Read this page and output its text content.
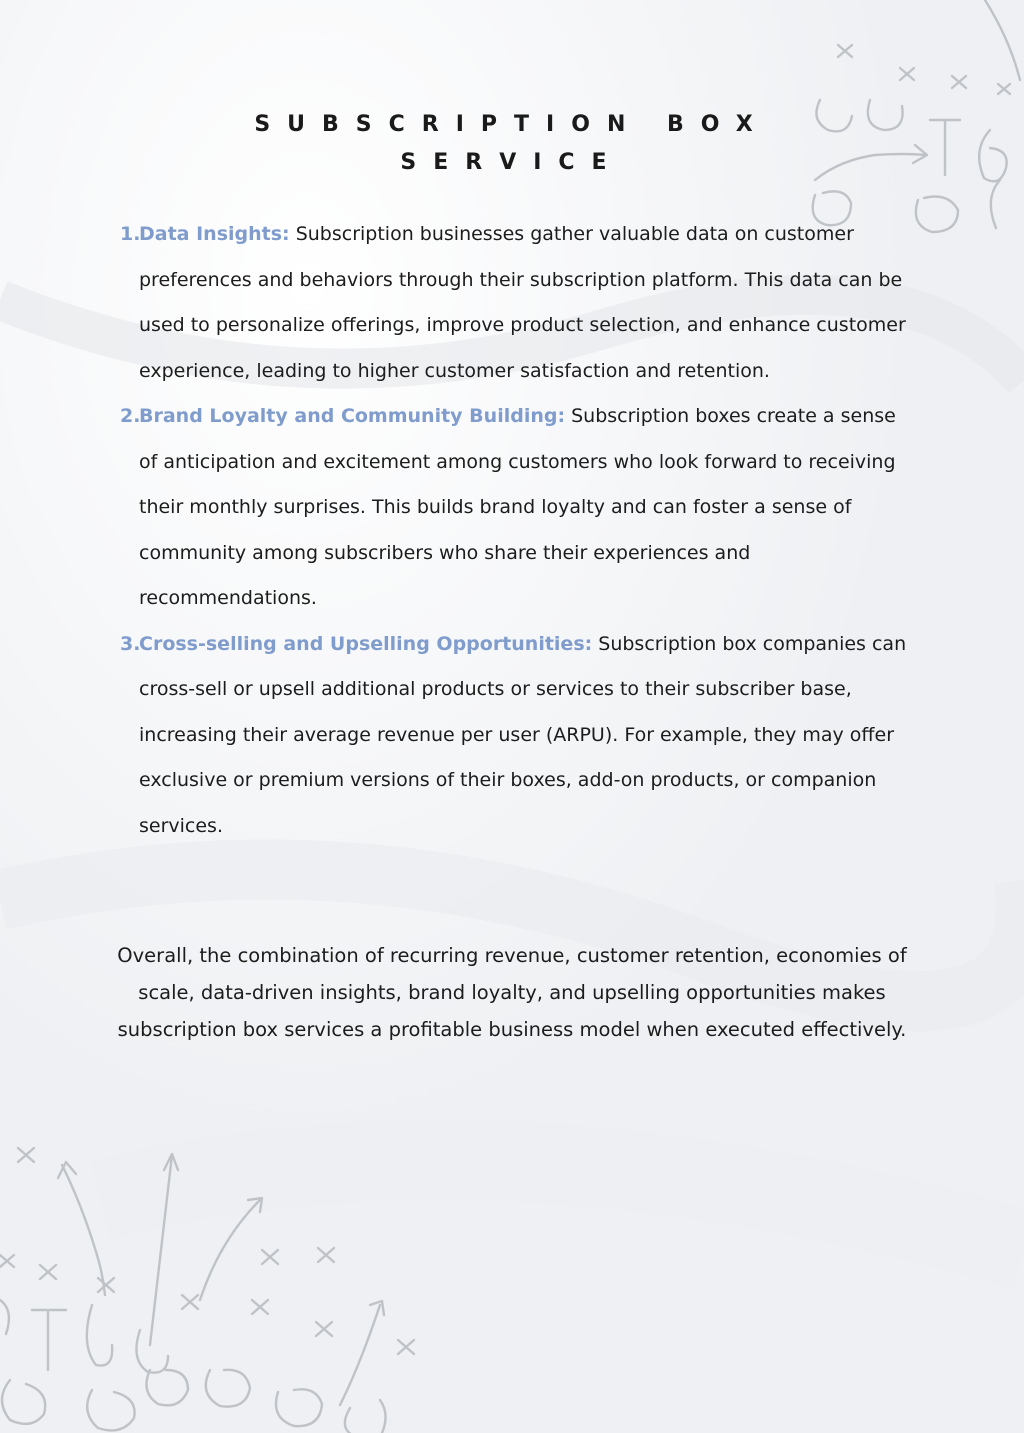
SUBSCRIPTION BOX
SERVICE
1.
Data Insights: Subscription businesses gather valuable data on customer preferences and behaviors through their subscription platform. This data can be used to personalize offerings, improve product selection, and enhance customer experience, leading to higher customer satisfaction and retention.
2.
Brand Loyalty and Community Building: Subscription boxes create a sense of anticipation and excitement among customers who look forward to receiving their monthly surprises. This builds brand loyalty and can foster a sense of community among subscribers who share their experiences and recommendations.
3.
Cross-selling and Upselling Opportunities: Subscription box companies can cross-sell or upsell additional products or services to their subscriber base, increasing their average revenue per user (ARPU). For example, they may offer exclusive or premium versions of their boxes, add-on products, or companion services.

Overall, the combination of recurring revenue, customer retention, economies of scale, data-driven insights, brand loyalty, and upselling opportunities makes subscription box services a profitable business model when executed effectively.
